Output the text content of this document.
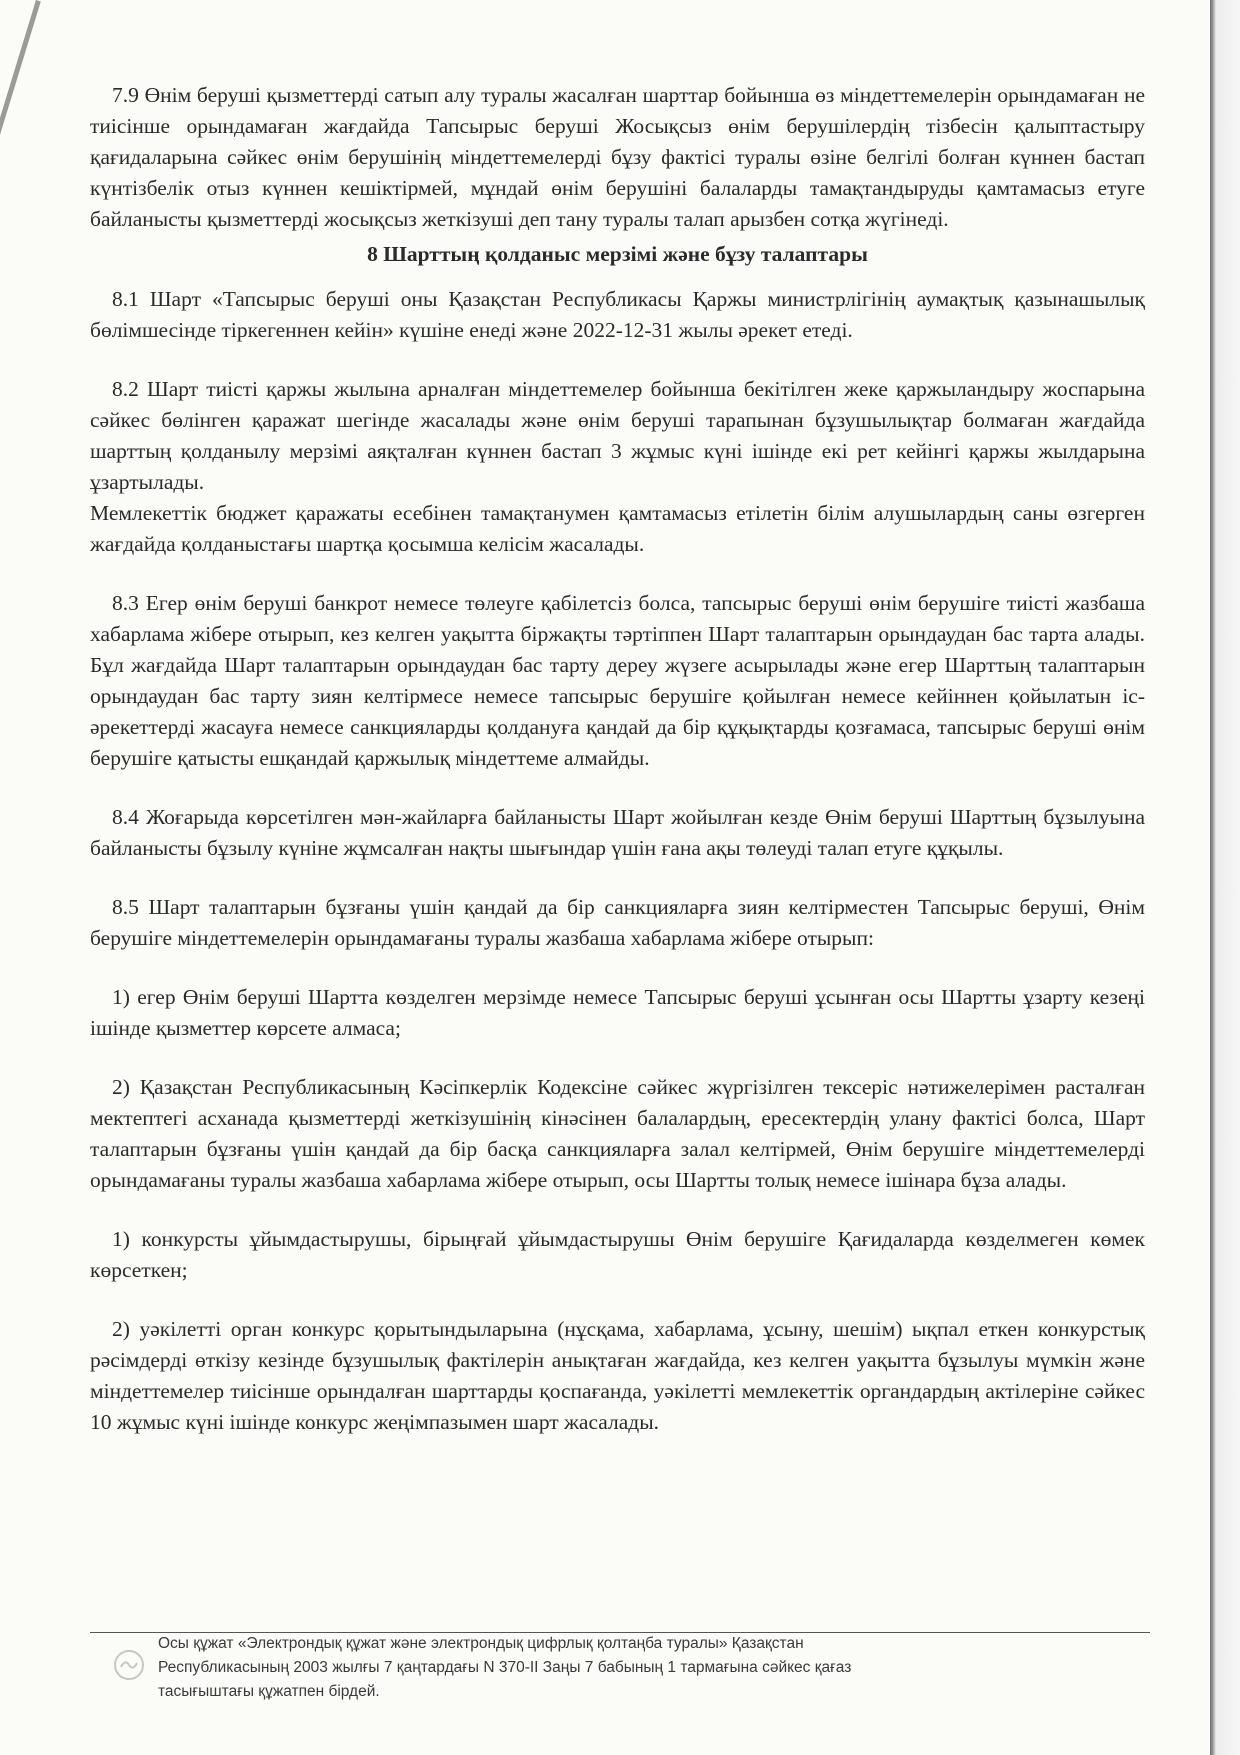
7.9 Өнім беруші қызметтерді сатып алу туралы жасалған шарттар бойынша өз міндеттемелерін орындамаған не тиісінше орындамаған жағдайда Тапсырыс беруші Жосықсыз өнім берушілердің тізбесін қалыптастыру қағидаларына сәйкес өнім берушінің міндеттемелерді бұзу фактісі туралы өзіне белгілі болған күннен бастап күнтізбелік отыз күннен кешіктірмей, мұндай өнім берушіні балаларды тамақтандыруды қамтамасыз етуге байланысты қызметтерді жосықсыз жеткізуші деп тану туралы талап арызбен сотқа жүгінеді.

8 Шарттың қолданыс мерзімі және бұзу талаптары

8.1 Шарт «Тапсырыс беруші оны Қазақстан Республикасы Қаржы министрлігінің аумақтық қазынашылық бөлімшесінде тіркегеннен кейін» күшіне енеді және 2022-12-31 жылы әрекет етеді.

8.2 Шарт тиісті қаржы жылына арналған міндеттемелер бойынша бекітілген жеке қаржыландыру жоспарына сәйкес бөлінген қаражат шегінде жасалады және өнім беруші тарапынан бұзушылықтар болмаған жағдайда шарттың қолданылу мерзімі аяқталған күннен бастап 3 жұмыс күні ішінде екі рет кейінгі қаржы жылдарына ұзартылады.

Мемлекеттік бюджет қаражаты есебінен тамақтанумен қамтамасыз етілетін білім алушылардың саны өзгерген жағдайда қолданыстағы шартқа қосымша келісім жасалады.

8.3 Егер өнім беруші банкрот немесе төлеуге қабілетсіз болса, тапсырыс беруші өнім берушіге тиісті жазбаша хабарлама жібере отырып, кез келген уақытта біржақты тәртіппен Шарт талаптарын орындаудан бас тарта алады. Бұл жағдайда Шарт талаптарын орындаудан бас тарту дереу жүзеге асырылады және егер Шарттың талаптарын орындаудан бас тарту зиян келтірмесе немесе тапсырыс берушіге қойылған немесе кейіннен қойылатын іс-әрекеттерді жасауға немесе санкцияларды қолдануға қандай да бір құқықтарды қозғамаса, тапсырыс беруші өнім берушіге қатысты ешқандай қаржылық міндеттеме алмайды.

8.4 Жоғарыда көрсетілген мән-жайларға байланысты Шарт жойылған кезде Өнім беруші Шарттың бұзылуына байланысты бұзылу күніне жұмсалған нақты шығындар үшін ғана ақы төлеуді талап етуге құқылы.

8.5 Шарт талаптарын бұзғаны үшін қандай да бір санкцияларға зиян келтірместен Тапсырыс беруші, Өнім берушіге міндеттемелерін орындамағаны туралы жазбаша хабарлама жібере отырып:

1) егер Өнім беруші Шартта көзделген мерзімде немесе Тапсырыс беруші ұсынған осы Шартты ұзарту кезеңі ішінде қызметтер көрсете алмаса;

2) Қазақстан Республикасының Кәсіпкерлік Кодексіне сәйкес жүргізілген тексеріс нәтижелерімен расталған мектептегі асханада қызметтерді жеткізушінің кінәсінен балалардың, ересектердің улану фактісі болса, Шарт талаптарын бұзғаны үшін қандай да бір басқа санкцияларға залал келтірмей, Өнім берушіге міндеттемелерді орындамағаны туралы жазбаша хабарлама жібере отырып, осы Шартты толық немесе ішінара бұза алады.

1) конкурсты ұйымдастырушы, бірыңғай ұйымдастырушы Өнім берушіге Қағидаларда көзделмеген көмек көрсеткен;

2) уәкілетті орган конкурс қорытындыларына (нұсқама, хабарлама, ұсыну, шешім) ықпал еткен конкурстық рәсімдерді өткізу кезінде бұзушылық фактілерін анықтаған жағдайда, кез келген уақытта бұзылуы мүмкін және міндеттемелер тиісінше орындалған шарттарды қоспағанда, уәкілетті мемлекеттік органдардың актілеріне сәйкес 10 жұмыс күні ішінде конкурс жеңімпазымен шарт жасалады.

Осы құжат «Электрондық құжат және электрондық цифрлық қолтаңба туралы» Қазақстан
Республикасының 2003 жылғы 7 қаңтардағы N 370-II Заңы 7 бабының 1 тармағына сәйкес қағаз
тасығыштағы құжатпен бірдей.
